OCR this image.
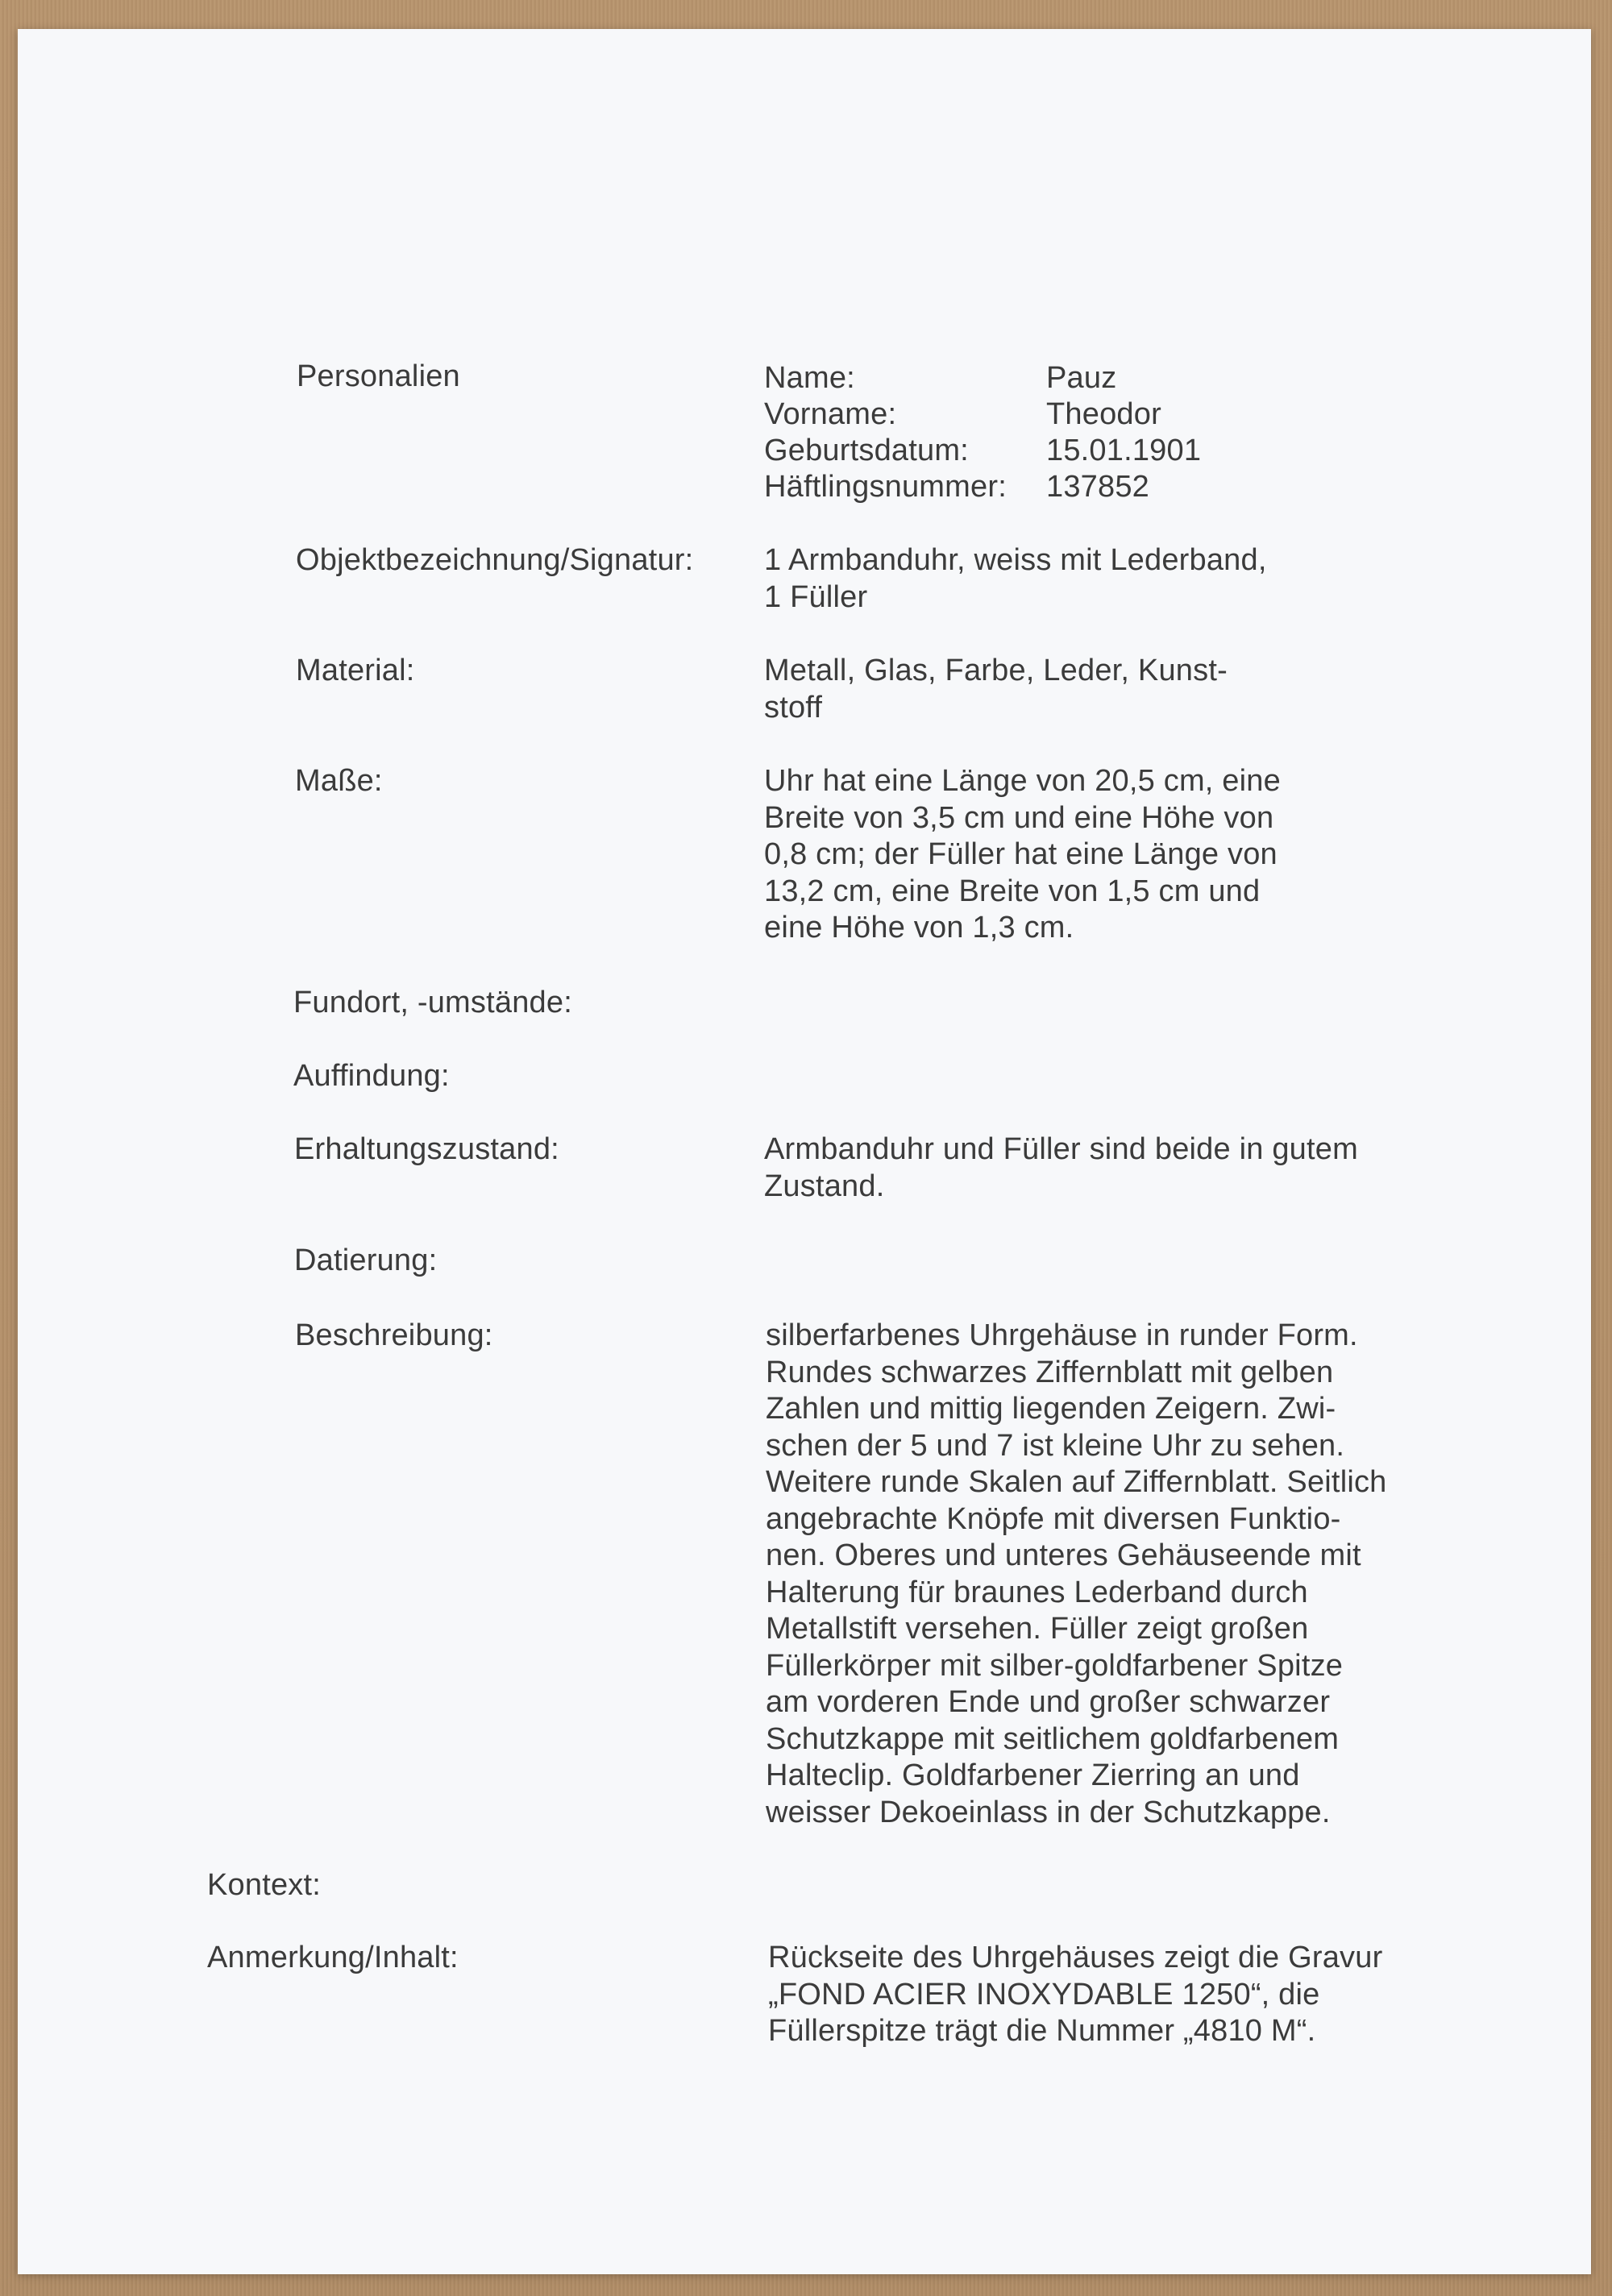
Personalien	Name:	Pauz
Vorname:	Theodor
Geburtsdatum:	15.01.1901
Häftlingsnummer: 137852
Objektbezeichnung/Signatur: 1 Armbanduhr, weiss mit Lederband,
1 Füller
Material:	Metall, Glas, Farbe, Leder, Kunst-
stoff
Maße:	Uhr hat eine Länge von 20,5 cm, eine
Breite von 3,5 cm und eine Höhe von
0,8 cm; der Füller hat eine Länge von
13,2 cm, eine Breite von 1,5 cm und
eine Höhe von 1,3 cm.
Fundort, -umstände:
Auffindung:
Erhaltungszustand:	Armbanduhr und Füller sind beide in gutem
Zustand.
Datierung:
Beschreibung:	silberfarbenes Uhrgehäuse in runder Form.
Rundes schwarzes Ziffernblatt mit gelben
Zahlen und mittig liegenden Zeigern. Zwi-
schen der 5 und 7 ist kleine Uhr zu sehen.
Weitere runde Skalen auf Ziffernblatt. Seitlich
angebrachte Knöpfe mit diversen Funktio-
nen. Oberes und unteres Gehäuseende mit
Halterung für braunes Lederband durch
Metallstift versehen. Füller zeigt großen
Füllerkörper mit silber-goldfarbener Spitze
am vorderen Ende und großer schwarzer
Schutzkappe mit seitlichem goldfarbenem
Halteclip. Goldfarbener Zierring an und
weisser Dekoeinlass in der Schutzkappe.
Kontext:
Anmerkung/Inhalt:	Rückseite des Uhrgehäuses zeigt die Gravur
„FOND ACIER INOXYDABLE 1250“, die
Füllerspitze trägt die Nummer „4810 M“.
